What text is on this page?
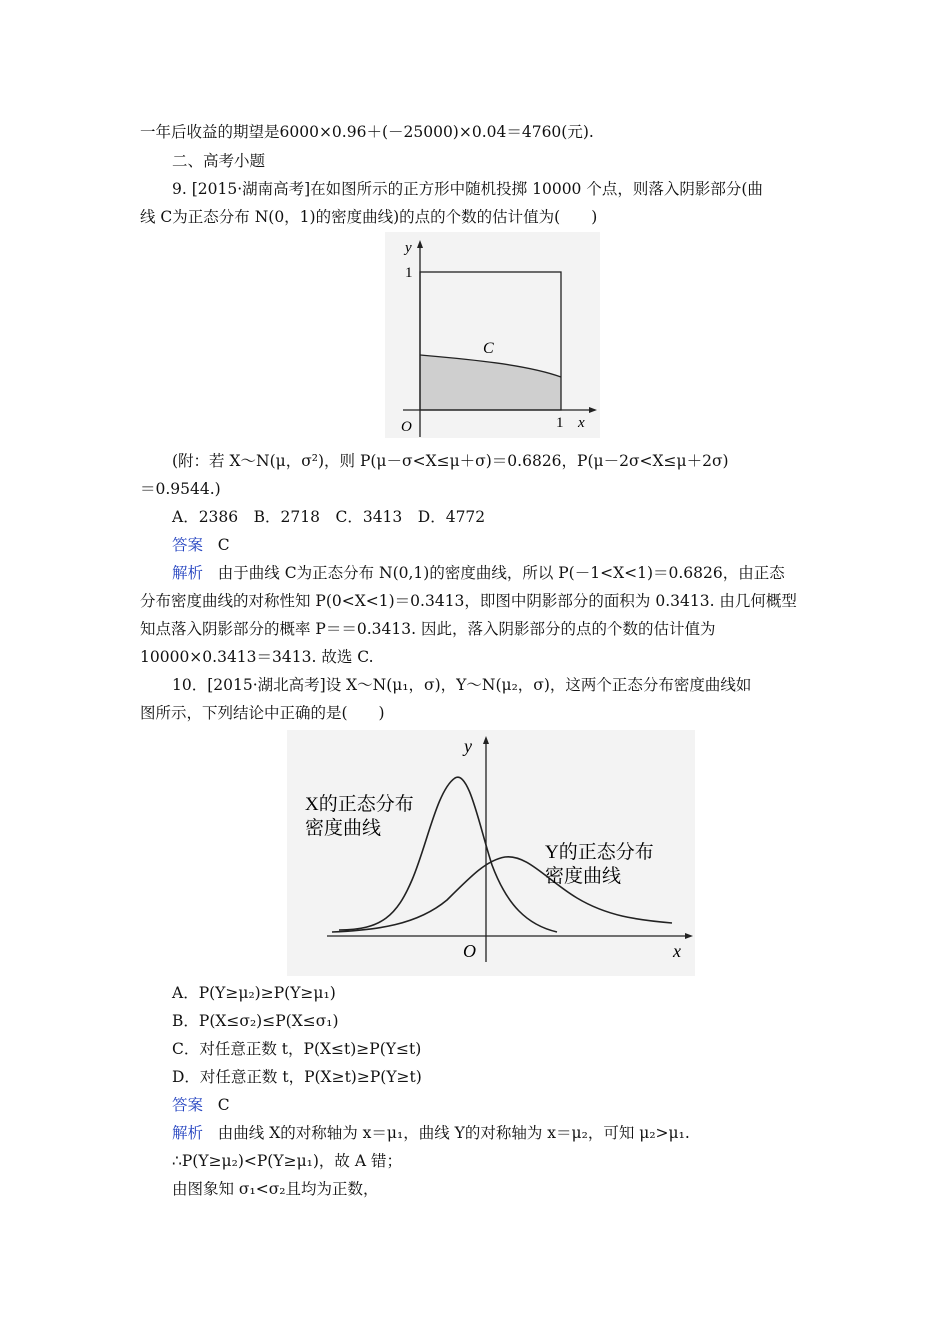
一年后收益的期望是6000×0.96＋(－25000)×0.04＝4760(元).
二、高考小题
9. [2015·湖南高考]在如图所示的正方形中随机投掷 10000 个点，则落入阴影部分(曲
线 C为正态分布 N(0，1)的密度曲线)的点的个数的估计值为(　　)
y
1
C
O	1 x
(附：若 X～N(μ，σ²)，则 P(μ－σ<X≤μ＋σ)＝0.6826，P(μ－2σ<X≤μ＋2σ)
＝0.9544.)
A．2386　B．2718　C．3413　D．4772
答案 C
解析 由于曲线 C为正态分布 N(0,1)的密度曲线，所以 P(－1<X<1)＝0.6826，由正态
分布密度曲线的对称性知 P(0<X<1)＝0.3413，即图中阴影部分的面积为 0.3413. 由几何概型
知点落入阴影部分的概率 P＝＝0.3413. 因此，落入阴影部分的点的个数的估计值为
10000×0.3413＝3413. 故选 C.
10．[2015·湖北高考]设 X～N(μ₁，σ)，Y～N(μ₂，σ)，这两个正态分布密度曲线如
图所示，下列结论中正确的是(　　)
y
X的正态分布
密度曲线
Y的正态分布
密度曲线
O	x
A．P(Y≥μ₂)≥P(Y≥μ₁)
B．P(X≤σ₂)≤P(X≤σ₁)
C．对任意正数 t，P(X≤t)≥P(Y≤t)
D．对任意正数 t，P(X≥t)≥P(Y≥t)
答案 C
解析 由曲线 X的对称轴为 x＝μ₁，曲线 Y的对称轴为 x＝μ₂，可知 μ₂>μ₁.
∴P(Y≥μ₂)<P(Y≥μ₁)，故 A 错；
由图象知 σ₁<σ₂且均为正数，
